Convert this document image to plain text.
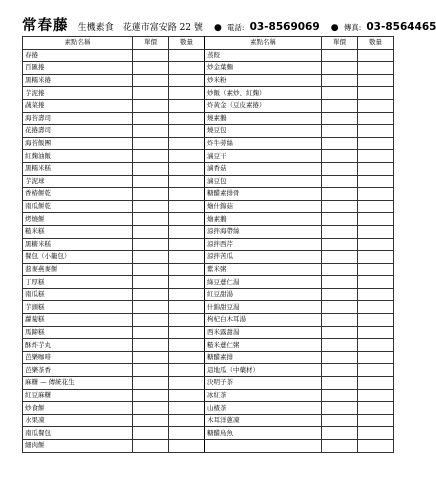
常春藤 生機素食 花蓮市富安路 22 號 ● 電話: 03-8569069 ● 傳真: 03-8564465
素點名稱	單價	數量	素點名稱	單價	數量
春捲			蒸餃		
百匯捲			炒金葉麵		
黑糯米捲			炒米粉		
芋泥捲			炒飯（素炒、紅麴）		
蔬菜捲			炸黃金（豆皮素捲）		
海苔壽司			燒素鵝		
花捲壽司			燒豆包		
海苔飯團			炸牛蒡絲		
紅麴油飯			滷豆干		
黑糯米糕			滷香菇		
芋泥球			滷豆包		
香椿餅乾			糖醋素排骨		
南瓜餅乾			燴什錦菇		
烤燒餅			燴素鵝		
糙米糕			涼拌海帶絲		
黑糖米糕			涼拌西芹		
餐包（小籠包）			涼拌苦瓜		
蕎麥燕麥餅			紫米粥		
丁厚糕			綠豆薏仁湯		
南瓜糕			紅豆甜湯		
芋頭糕			什錦甜豆湯		
蘿蔔糕			枸杞白木耳湯		
馬蹄糕			西米露甜湯		
酥炸芋丸			糙米薏仁粥		
芭樂咖啡			糖醋素排		
芭樂茶香			這地瓜（中藥材）		
麻糬 — 傳統花生			決明子茶		
紅豆麻糬			冰紅茶		
炒食餅			山楂茶		
水果凍			木耳洋蔥凍		
南瓜餐包			糖醋鳥魚		
細肉餅					
